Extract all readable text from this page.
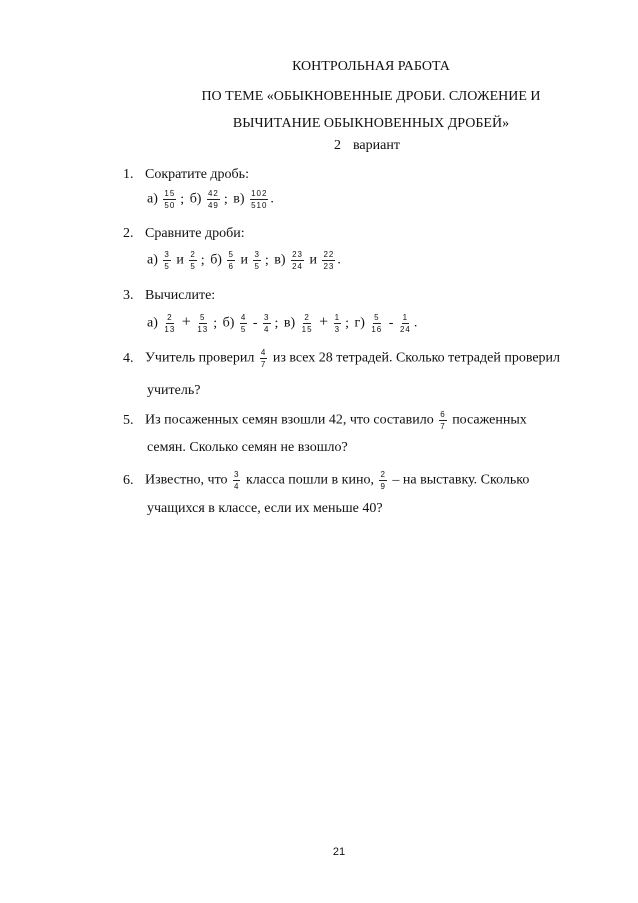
КОНТРОЛЬНАЯ РАБОТА
ПО ТЕМЕ «ОБЫКНОВЕННЫЕ ДРОБИ. СЛОЖЕНИЕ И
ВЫЧИТАНИЕ ОБЫКНОВЕННЫХ ДРОБЕЙ»
2 вариант
1. Сократите дробь:
$а) \frac{15}{50}$ ; $б) \frac{42}{49}$ ; $в) \frac{102}{510}$ .
2. Сравните дроби:
$а) \frac{3}{5}$ и $\frac{2}{5}$ ; $б) \frac{5}{6}$ и $\frac{3}{5}$ ; $в) \frac{23}{24}$ и $\frac{22}{23}$ .
3. Вычислите:
$а) \frac{2}{13} + \frac{5}{13}$ ; $б) \frac{4}{5} - \frac{3}{4}$ ; $в) \frac{2}{15} + \frac{1}{3}$ ; $г) \frac{5}{16} - \frac{1}{24}$ .
4. Учитель проверил $\frac{4}{7}$ из всех 28 тетрадей. Сколько тетрадей проверил
учитель?
5. Из посаженных семян взошли 42, что составило $\frac{6}{7}$ посаженных
семян. Сколько семян не взошло?
6. Известно, что $\frac{3}{4}$ класса пошли в кино, $\frac{2}{9}$ – на выставку. Сколько
учащихся в классе, если их меньше 40?
21
